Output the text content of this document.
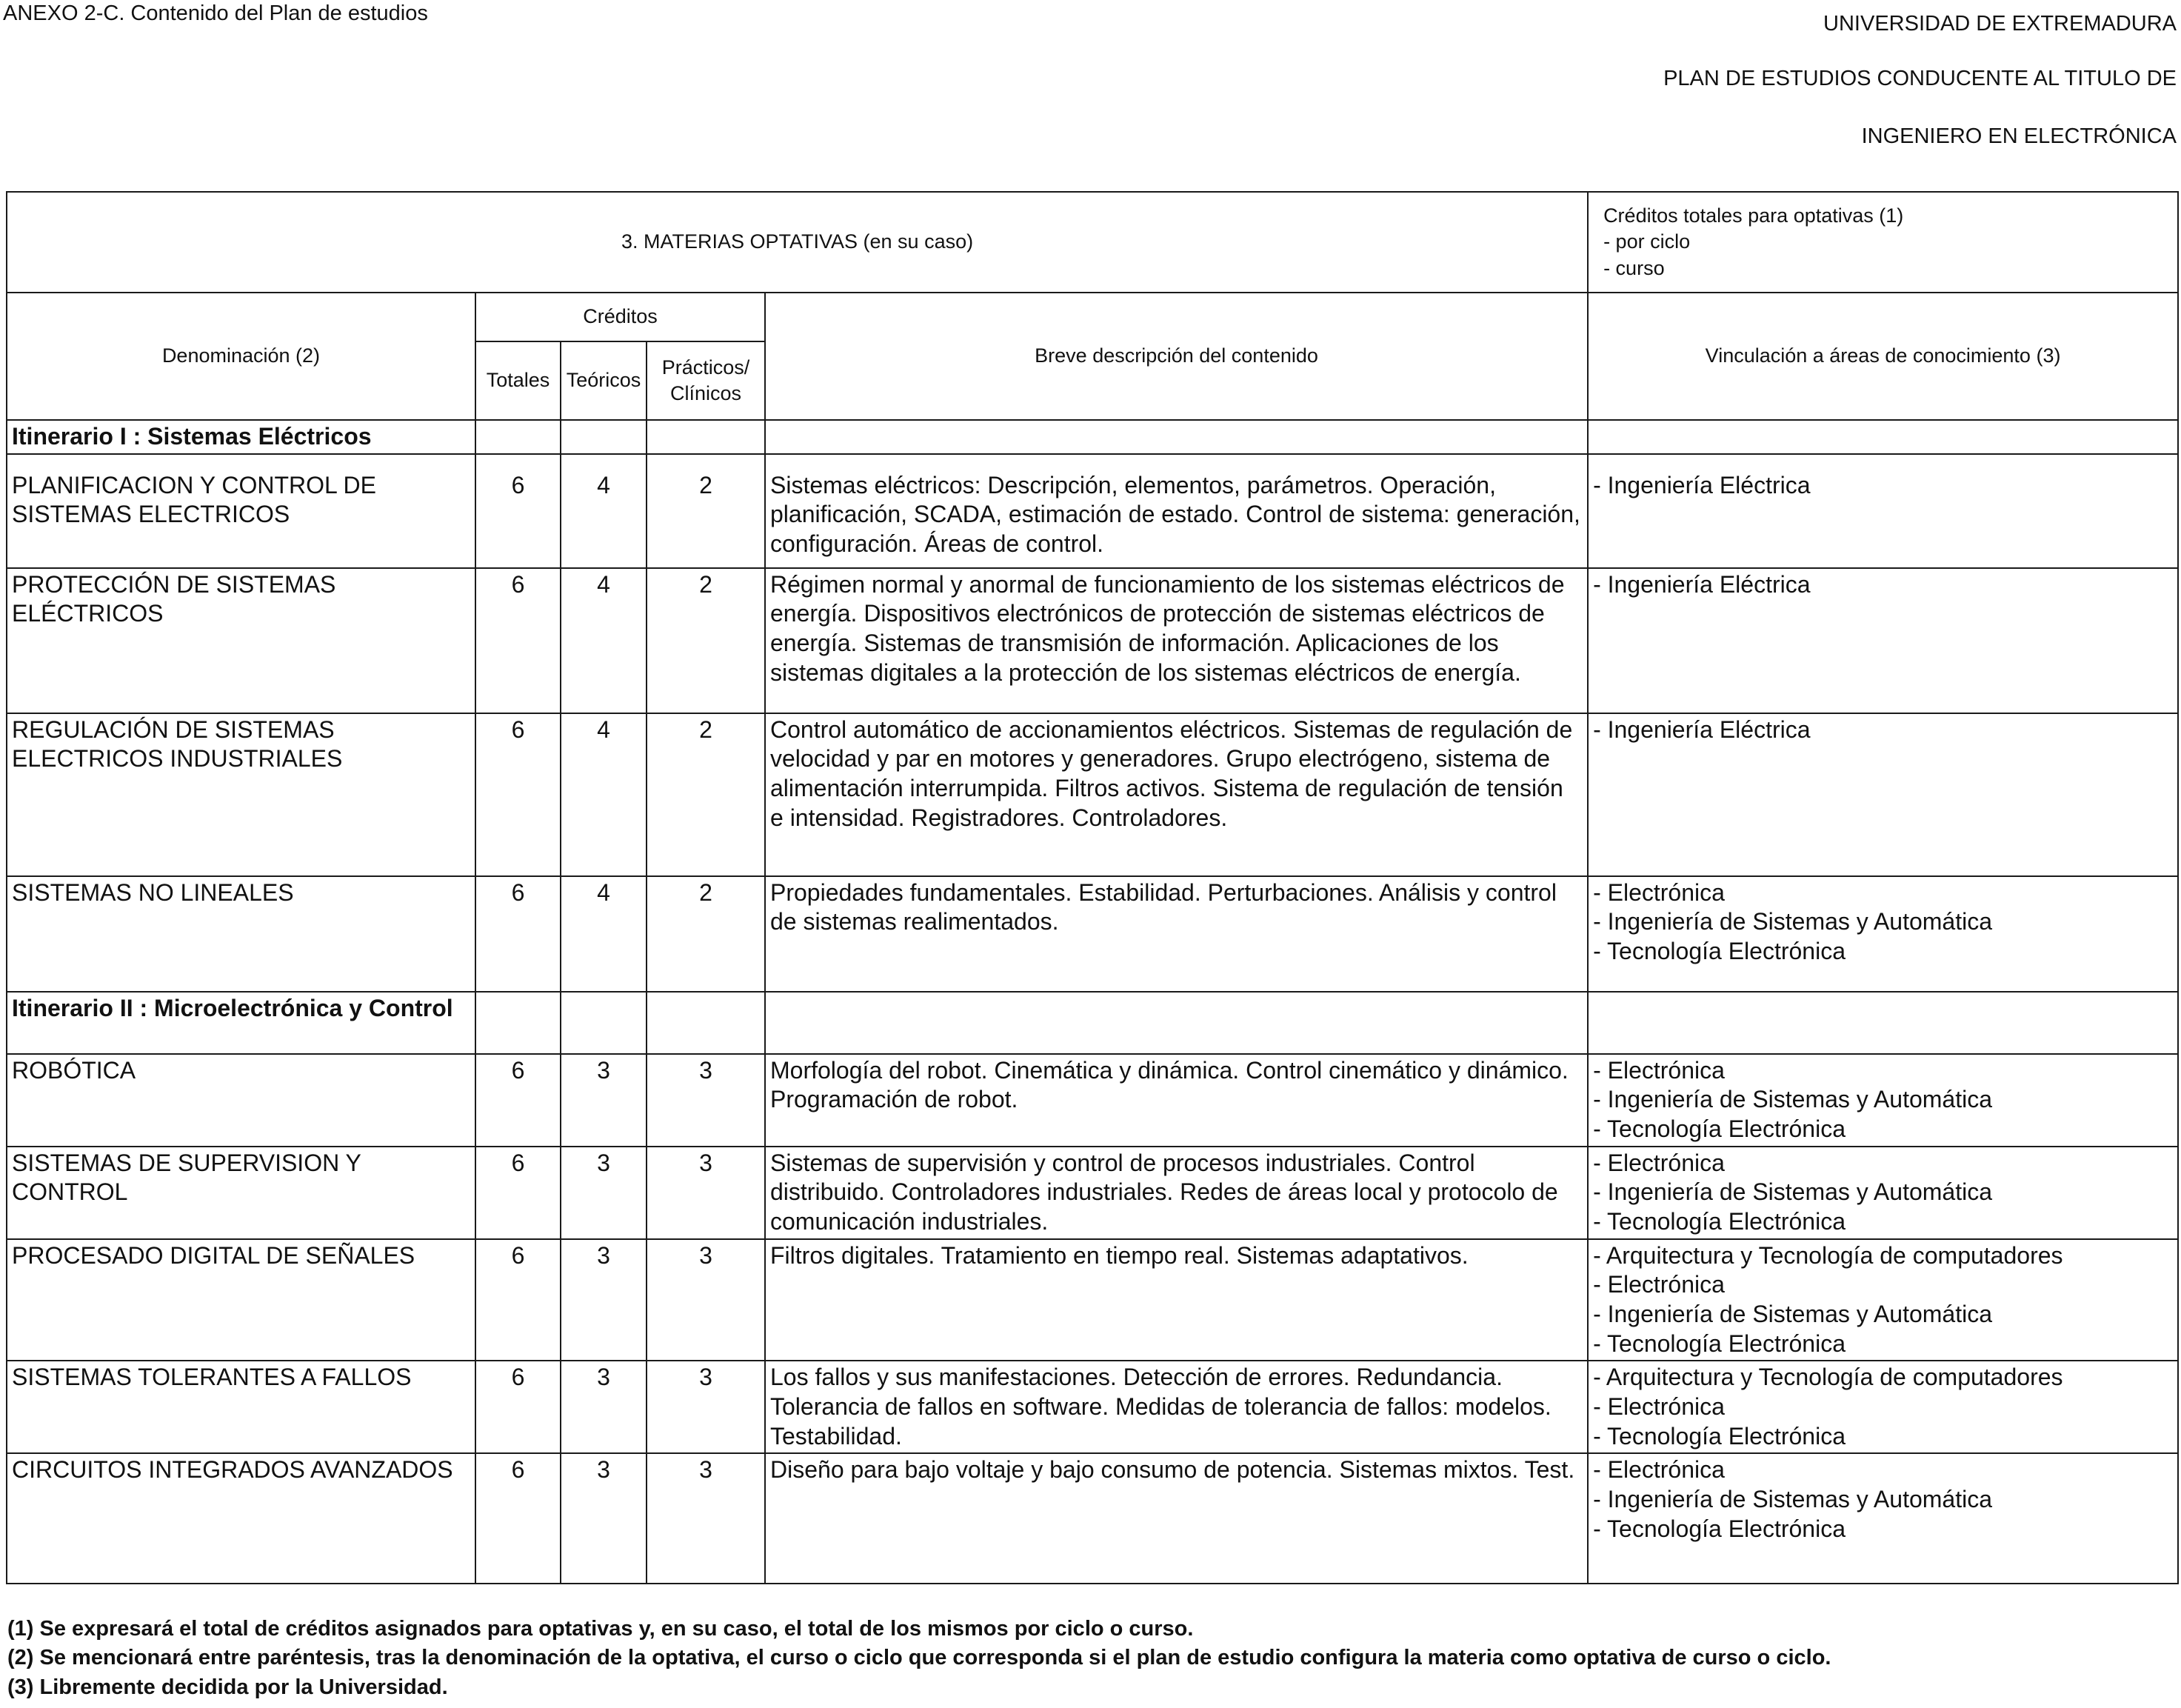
ANEXO 2-C. Contenido del Plan de estudios	UNIVERSIDAD DE EXTREMADURA
PLAN DE ESTUDIOS CONDUCENTE AL TITULO DE
INGENIERO EN ELECTRÓNICA
3. MATERIAS OPTATIVAS (en su caso)					Créditos totales para optativas (1)
- por ciclo
- curso

Denominación (2)	Créditos			Breve descripción del contenido	Vinculación a áreas de conocimiento (3)
	Totales	Teóricos	Prácticos/ Clínicos		
Itinerario I : Sistemas Eléctricos					
PLANIFICACION Y CONTROL DE SISTEMAS ELECTRICOS	6	4	2	Sistemas eléctricos: Descripción, elementos, parámetros. Operación, planificación, SCADA, estimación de estado. Control de sistema: generación, configuración. Áreas de control.	- Ingeniería Eléctrica

PROTECCIÓN DE SISTEMAS ELÉCTRICOS	6	4	2	Régimen normal y anormal de funcionamiento de los sistemas eléctricos de energía. Dispositivos electrónicos de protección de sistemas eléctricos de energía. Sistemas de transmisión de información. Aplicaciones de los sistemas digitales a la protección de los sistemas eléctricos de energía.	- Ingeniería Eléctrica

REGULACIÓN DE SISTEMAS ELECTRICOS INDUSTRIALES	6	4	2	Control automático de accionamientos eléctricos. Sistemas de regulación de velocidad y par en motores y generadores. Grupo electrógeno, sistema de alimentación interrumpida. Filtros activos. Sistema de regulación de tensión e intensidad. Registradores. Controladores.	- Ingeniería Eléctrica

SISTEMAS NO LINEALES	6	4	2	Propiedades fundamentales. Estabilidad. Perturbaciones. Análisis y control de sistemas realimentados.	- Electrónica
- Ingeniería de Sistemas y Automática
- Tecnología Electrónica

Itinerario II : Microelectrónica y Control					
ROBÓTICA	6	3	3	Morfología del robot. Cinemática y dinámica. Control cinemático y dinámico. Programación de robot.	- Electrónica
- Ingeniería de Sistemas y Automática
- Tecnología Electrónica

SISTEMAS DE SUPERVISION Y CONTROL	6	3	3	Sistemas de supervisión y control de procesos industriales. Control distribuido. Controladores industriales. Redes de áreas local y protocolo de comunicación industriales.	- Electrónica
- Ingeniería de Sistemas y Automática
- Tecnología Electrónica

PROCESADO DIGITAL DE SEÑALES	6	3	3	Filtros digitales. Tratamiento en tiempo real. Sistemas adaptativos.	- Arquitectura y Tecnología de computadores
- Electrónica
- Ingeniería de Sistemas y Automática
- Tecnología Electrónica

SISTEMAS TOLERANTES A FALLOS	6	3	3	Los fallos y sus manifestaciones. Detección de errores. Redundancia. Tolerancia de fallos en software. Medidas de tolerancia de fallos: modelos. Testabilidad.	- Arquitectura y Tecnología de computadores
- Electrónica
- Tecnología Electrónica

CIRCUITOS INTEGRADOS AVANZADOS	6	3	3	Diseño para bajo voltaje y bajo consumo de potencia. Sistemas mixtos. Test.	- Electrónica
- Ingeniería de Sistemas y Automática
- Tecnología Electrónica
(1) Se expresará el total de créditos asignados para optativas y, en su caso, el total de los mismos por ciclo o curso.
(2) Se mencionará entre paréntesis, tras la denominación de la optativa, el curso o ciclo que corresponda si el plan de estudio configura la materia como optativa de curso o ciclo.
(3) Libremente decidida por la Universidad.
